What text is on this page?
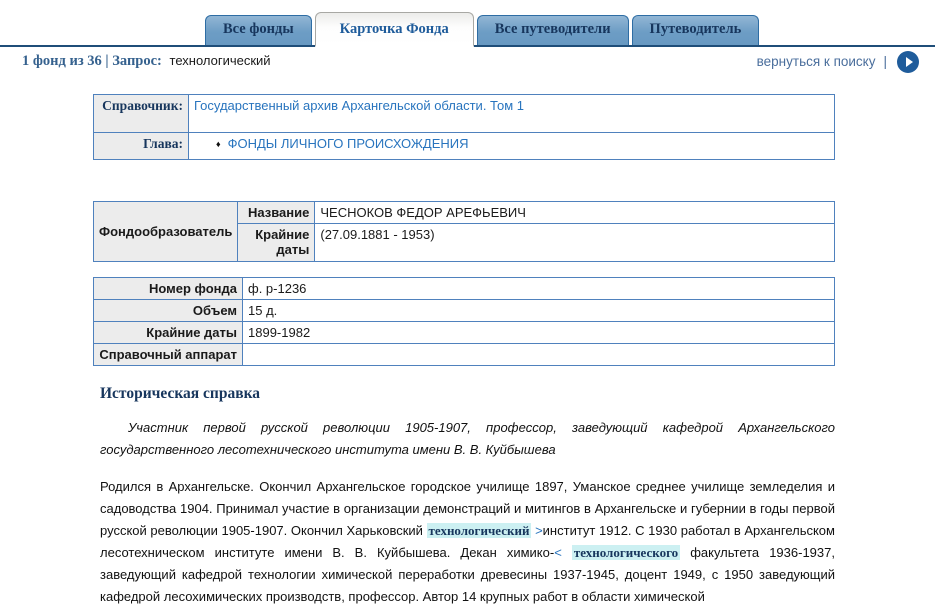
Все фонды	Карточка Фонда	Все путеводители	Путеводитель
1 фонд из 36 | Запрос: технологический	вернуться к поиску |
Справочник:	Государственный архив Архангельской области. Том 1
Глава:	♦ ФОНДЫ ЛИЧНОГО ПРОИСХОЖДЕНИЯ
Фондообразователь	Название	ЧЕСНОКОВ ФЕДОР АРЕФЬЕВИЧ
	Крайние даты	(27.09.1881 - 1953)
Номер фонда	ф. р-1236
Объем	15 д.
Крайние даты	1899-1982
Справочный аппарат	
Историческая справка

Участник первой русской революции 1905-1907, профессор, заведующий кафедрой Архангельского государственного лесотехнического института имени В. В. Куйбышева

Родился в Архангельске. Окончил Архангельское городское училище 1897, Уманское среднее училище земледелия и садоводства 1904. Принимал участие в организации демонстраций и митингов в Архангельске и губернии в годы первой русской революции 1905-1907. Окончил Харьковский технологический >институт 1912. С 1930 работал в Архангельском лесотехническом институте имени В. В. Куйбышева. Декан химико-< технологического факультета 1936-1937, заведующий кафедрой технологии химической переработки древесины 1937-1945, доцент 1949, с 1950 заведующий кафедрой лесохимических производств, профессор. Автор 14 крупных работ в области химической
